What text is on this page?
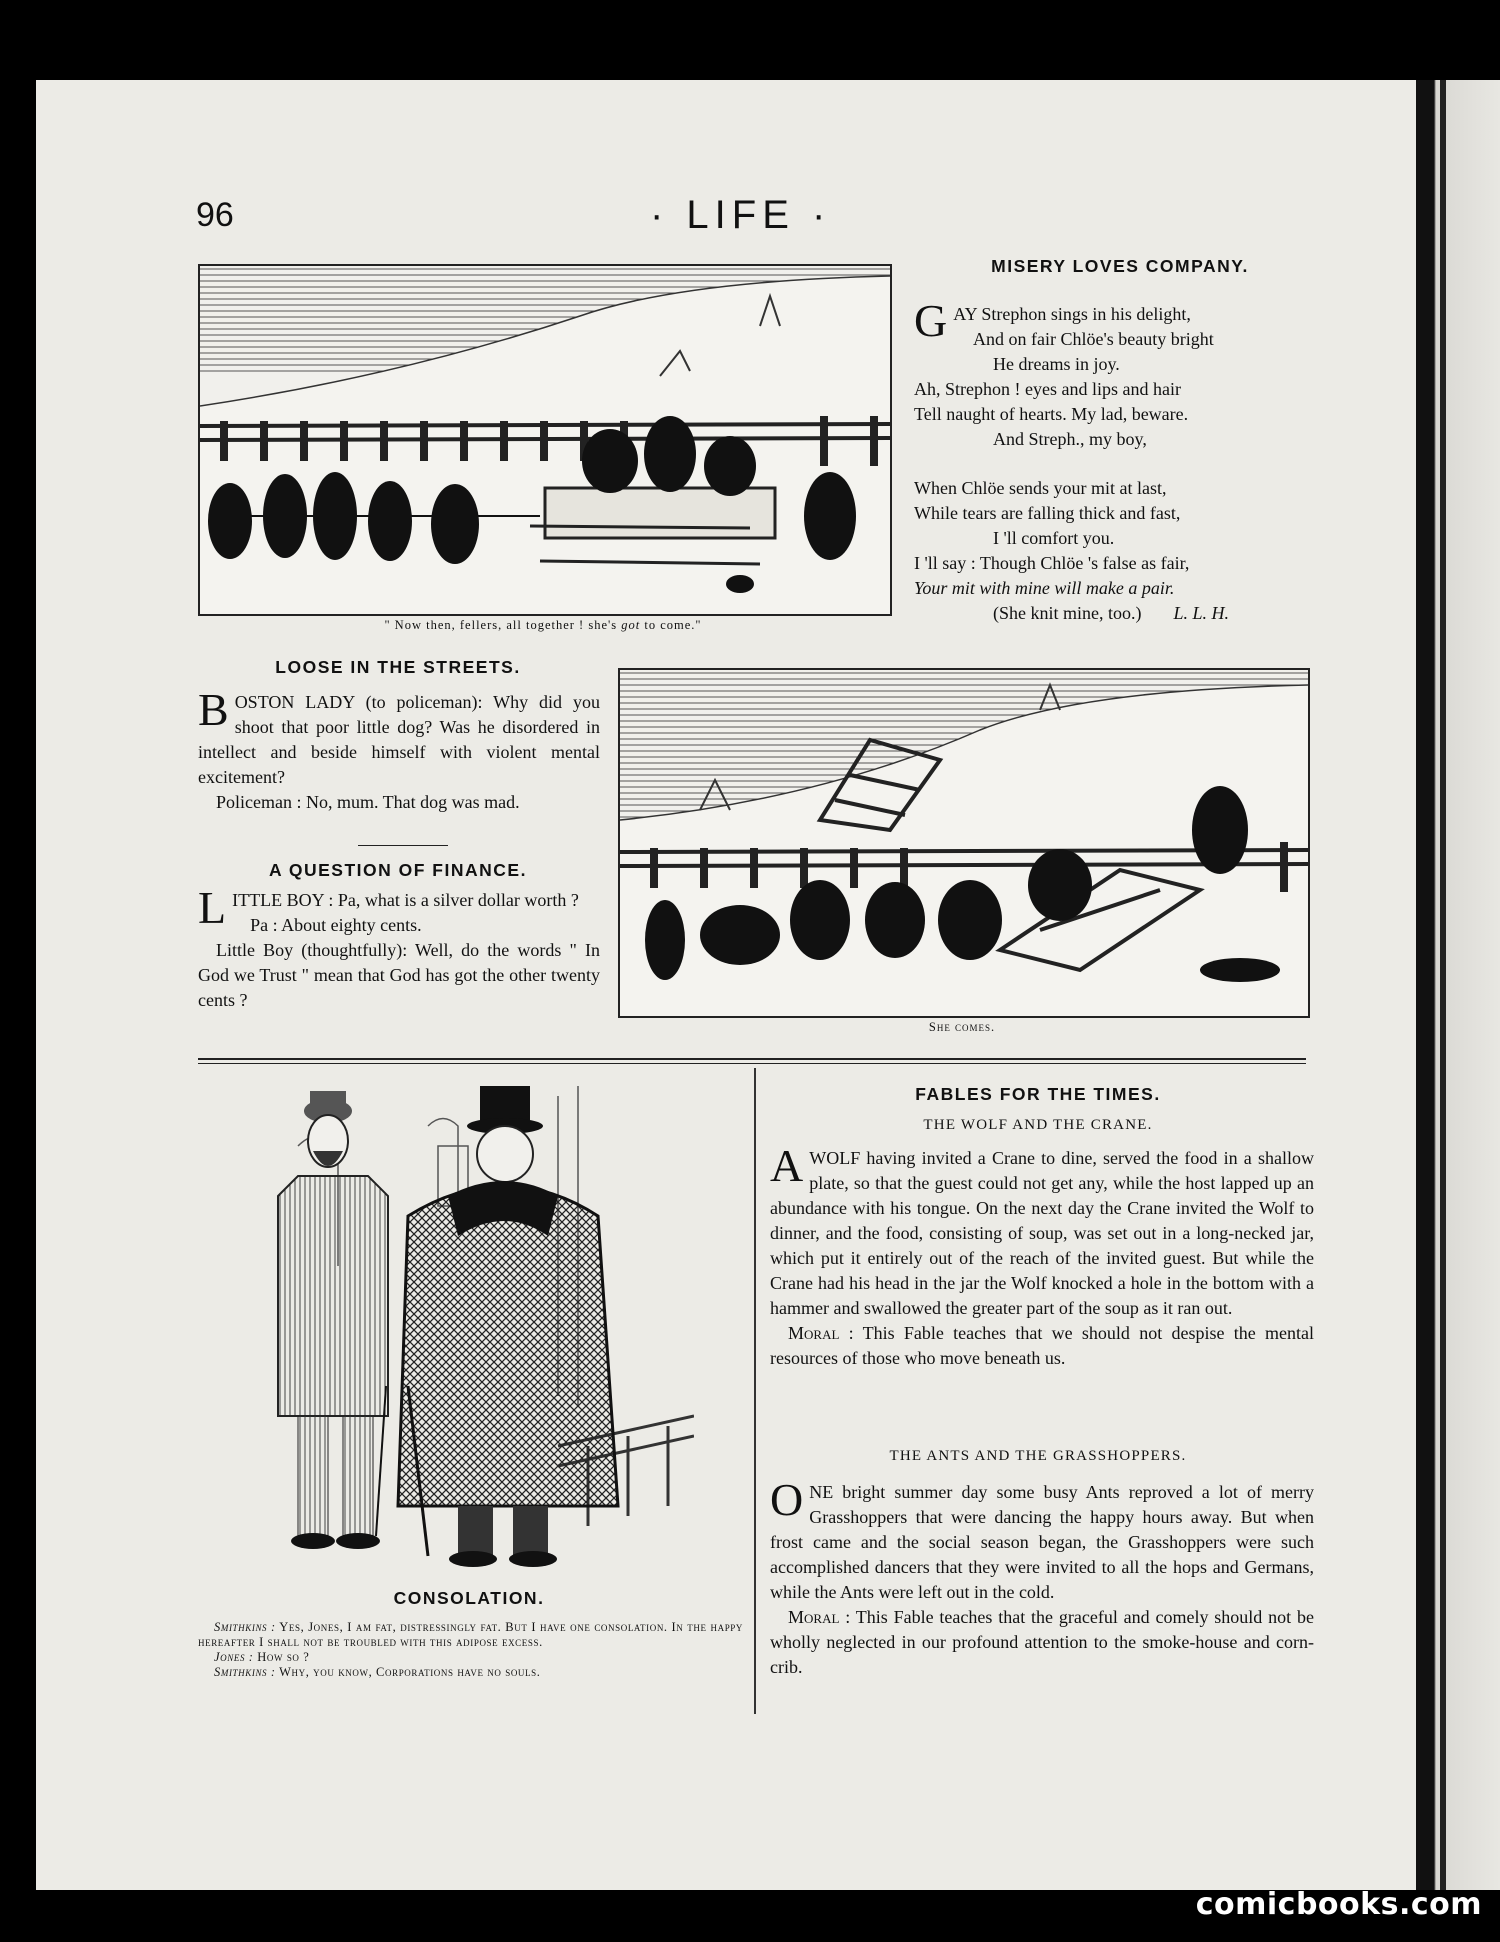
96	· LIFE ·
" Now then, fellers, all together ! she's got to come."
MISERY LOVES COMPANY.
G AY Strephon sings in his delight,
And on fair Chlöe's beauty bright
He dreams in joy.
Ah, Strephon ! eyes and lips and hair
Tell naught of hearts. My lad, beware.
And Streph., my boy,
When Chlöe sends your mit at last,
While tears are falling thick and fast,
I 'll comfort you.
I 'll say : Though Chlöe 's false as fair,
Your mit with mine will make a pair.
(She knit mine, too.) L. L. H.
LOOSE IN THE STREETS.

BOSTON LADY (to policeman): Why did you shoot that poor little dog? Was he disordered in intellect and beside himself with violent mental excitement?

Policeman : No, mum. That dog was mad.

A QUESTION OF FINANCE.

LITTLE BOY : Pa, what is a silver dollar worth ?

Pa : About eighty cents.

Little Boy (thoughtfully): Well, do the words " In God we Trust " mean that God has got the other twenty cents ?

She comes.
CONSOLATION.
Smithkins : Yes, Jones, I am fat, distressingly fat. But I have one consolation. In the happy hereafter I shall not be troubled with this adipose excess.
Jones : How so ?
Smithkins : Why, you know, Corporations have no souls.
FABLES FOR THE TIMES.
THE WOLF AND THE CRANE.

A WOLF having invited a Crane to dine, served the food in a shallow plate, so that the guest could not get any, while the host lapped up an abundance with his tongue. On the next day the Crane invited the Wolf to dinner, and the food, consisting of soup, was set out in a long-necked jar, which put it entirely out of the reach of the invited guest. But while the Crane had his head in the jar the Wolf knocked a hole in the bottom with a hammer and swallowed the greater part of the soup as it ran out.

Moral : This Fable teaches that we should not despise the mental resources of those who move beneath us.

THE ANTS AND THE GRASSHOPPERS.

ONE bright summer day some busy Ants reproved a lot of merry Grasshoppers that were dancing the happy hours away. But when frost came and the social season began, the Grasshoppers were such accomplished dancers that they were invited to all the hops and Germans, while the Ants were left out in the cold.

Moral : This Fable teaches that the graceful and comely should not be wholly neglected in our profound attention to the smoke-house and corn-crib.

comicbooks.com
